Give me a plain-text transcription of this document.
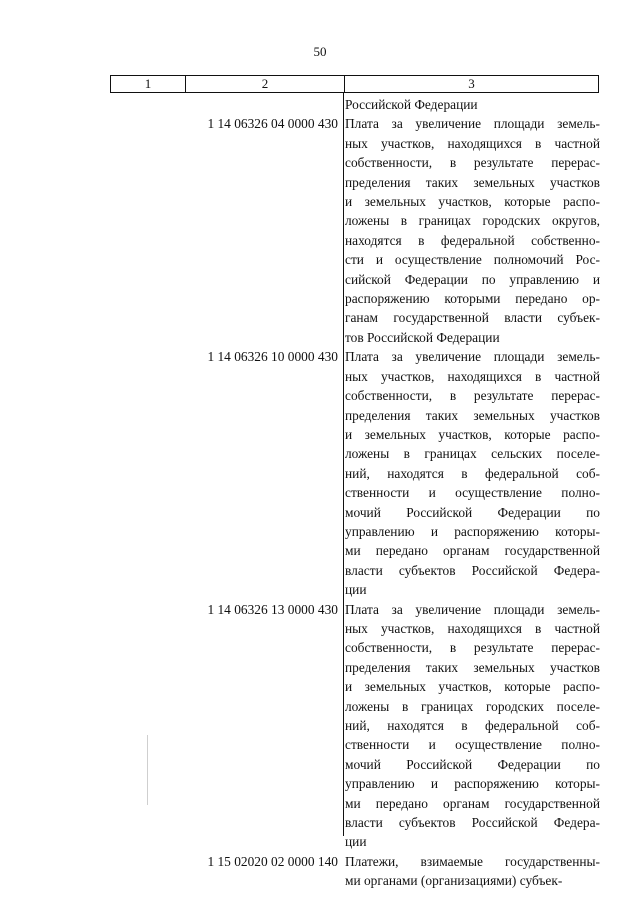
50
1	2	3
Российской Федерации
1 14 06326 04 0000 430 Плата за увеличение площади земель-
ных участков, находящихся в частной
собственности, в результате перерас-
пределения таких земельных участков
и земельных участков, которые распо-
ложены в границах городских округов,
находятся в федеральной собственно-
сти и осуществление полномочий Рос-
сийской Федерации по управлению и
распоряжению которыми передано ор-
ганам государственной власти субъек-
тов Российской Федерации
1 14 06326 10 0000 430 Плата за увеличение площади земель-
ных участков, находящихся в частной
собственности, в результате перерас-
пределения таких земельных участков
и земельных участков, которые распо-
ложены в границах сельских поселе-
ний, находятся в федеральной соб-
ственности и осуществление полно-
мочий Российской Федерации по
управлению и распоряжению которы-
ми передано органам государственной
власти субъектов Российской Федера-
ции
1 14 06326 13 0000 430 Плата за увеличение площади земель-
ных участков, находящихся в частной
собственности, в результате перерас-
пределения таких земельных участков
и земельных участков, которые распо-
ложены в границах городских поселе-
ний, находятся в федеральной соб-
ственности и осуществление полно-
мочий Российской Федерации по
управлению и распоряжению которы-
ми передано органам государственной
власти субъектов Российской Федера-
ции
1 15 02020 02 0000 140 Платежи, взимаемые государственны-
ми органами (организациями) субъек-
